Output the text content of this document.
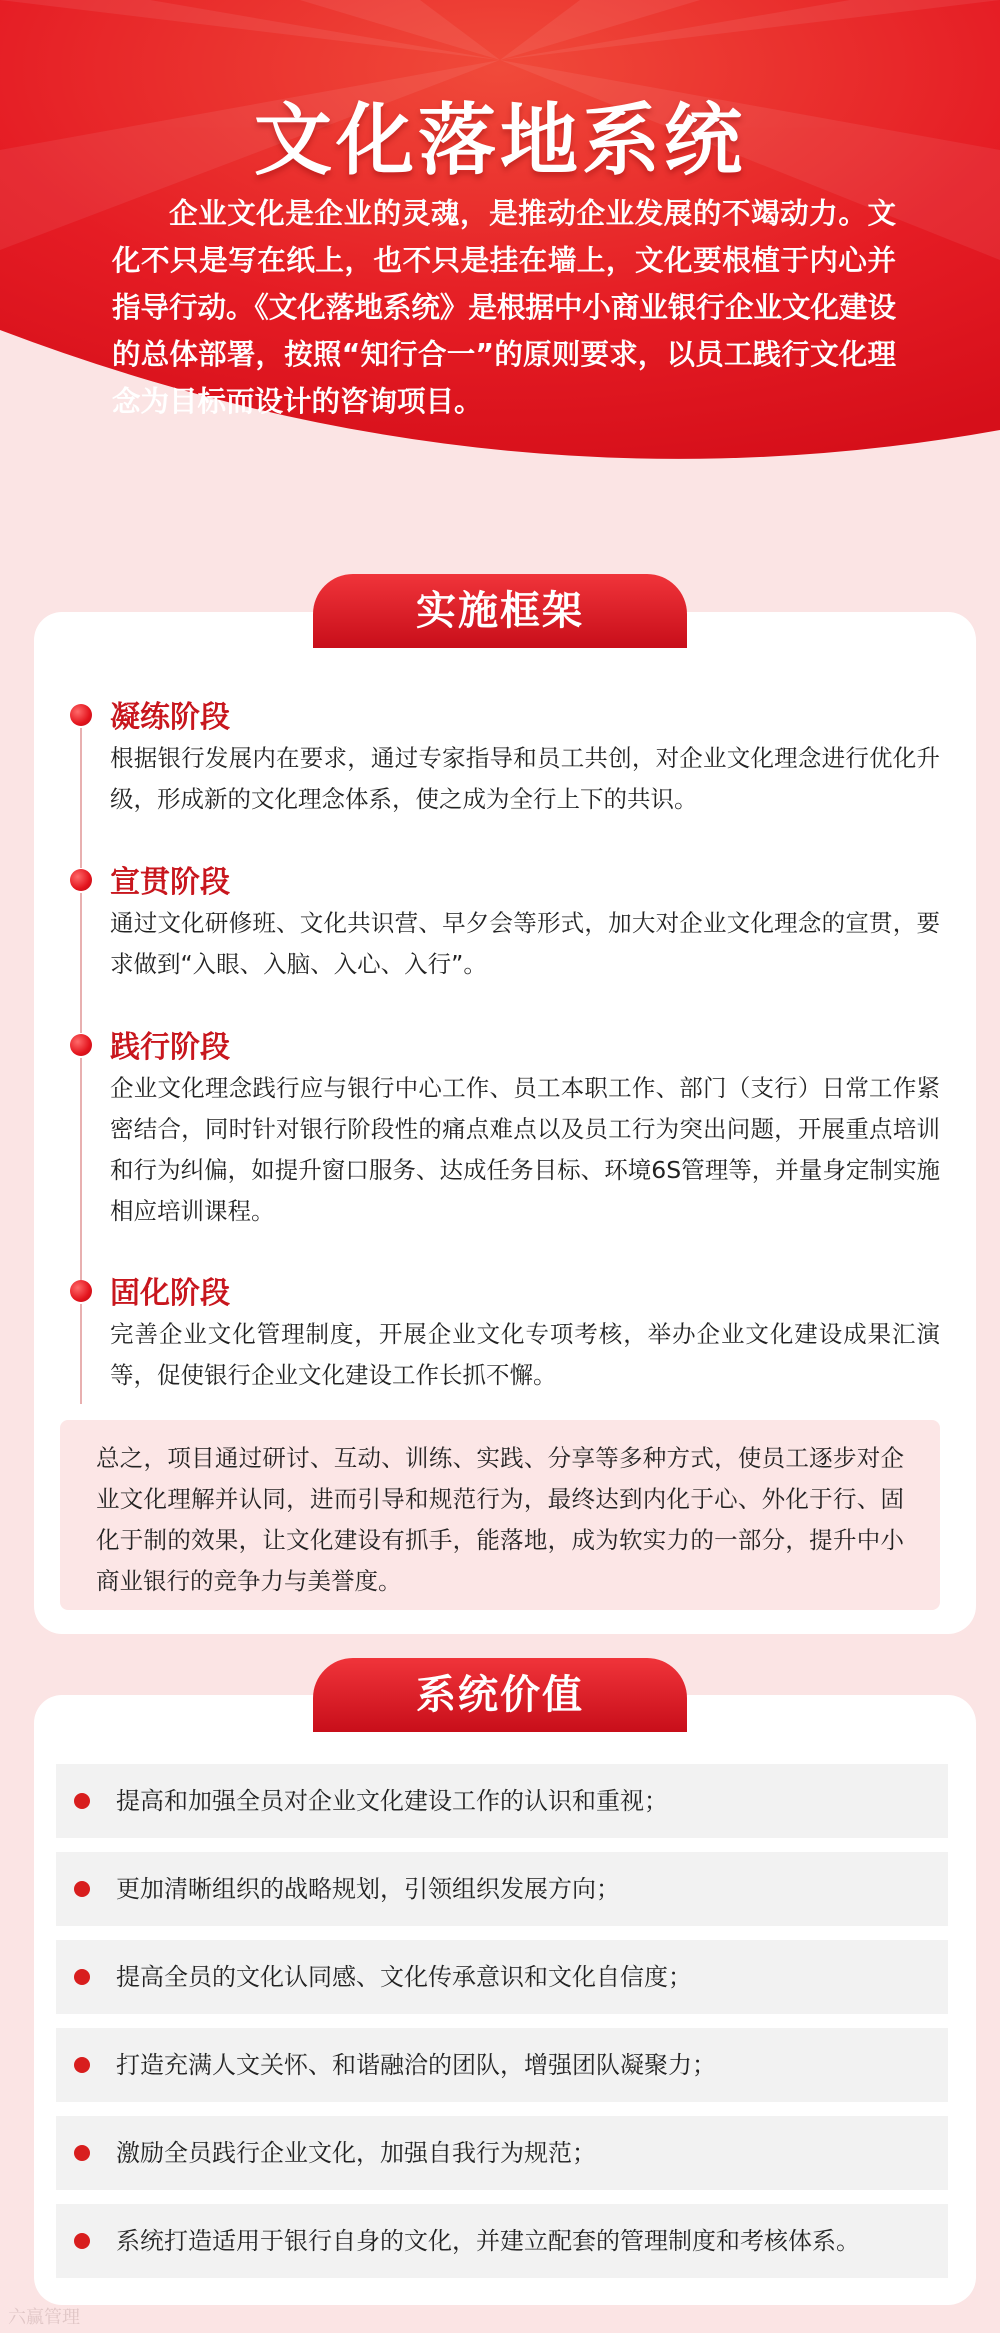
文化落地系统
企业文化是企业的灵魂，是推动企业发展的不竭动力。文化不只是写在纸上，也不只是挂在墙上，文化要根植于内心并指导行动。《文化落地系统》是根据中小商业银行企业文化建设的总体部署，按照“知行合一”的原则要求，以员工践行文化理念为目标而设计的咨询项目。
实施框架
凝练阶段
根据银行发展内在要求，通过专家指导和员工共创，对企业文化理念进行优化升级，形成新的文化理念体系，使之成为全行上下的共识。
宣贯阶段
通过文化研修班、文化共识营、早夕会等形式，加大对企业文化理念的宣贯，要求做到“入眼、入脑、入心、入行”。
践行阶段
企业文化理念践行应与银行中心工作、员工本职工作、部门（支行）日常工作紧密结合，同时针对银行阶段性的痛点难点以及员工行为突出问题，开展重点培训和行为纠偏，如提升窗口服务、达成任务目标、环境6S管理等，并量身定制实施相应培训课程。
固化阶段
完善企业文化管理制度，开展企业文化专项考核，举办企业文化建设成果汇演等，促使银行企业文化建设工作长抓不懈。
总之，项目通过研讨、互动、训练、实践、分享等多种方式，使员工逐步对企业文化理解并认同，进而引导和规范行为，最终达到内化于心、外化于行、固化于制的效果，让文化建设有抓手，能落地，成为软实力的一部分，提升中小商业银行的竞争力与美誉度。
系统价值
提高和加强全员对企业文化建设工作的认识和重视；
更加清晰组织的战略规划，引领组织发展方向；
提高全员的文化认同感、文化传承意识和文化自信度；
打造充满人文关怀、和谐融洽的团队，增强团队凝聚力；
激励全员践行企业文化，加强自我行为规范；
系统打造适用于银行自身的文化，并建立配套的管理制度和考核体系。
六赢管理
